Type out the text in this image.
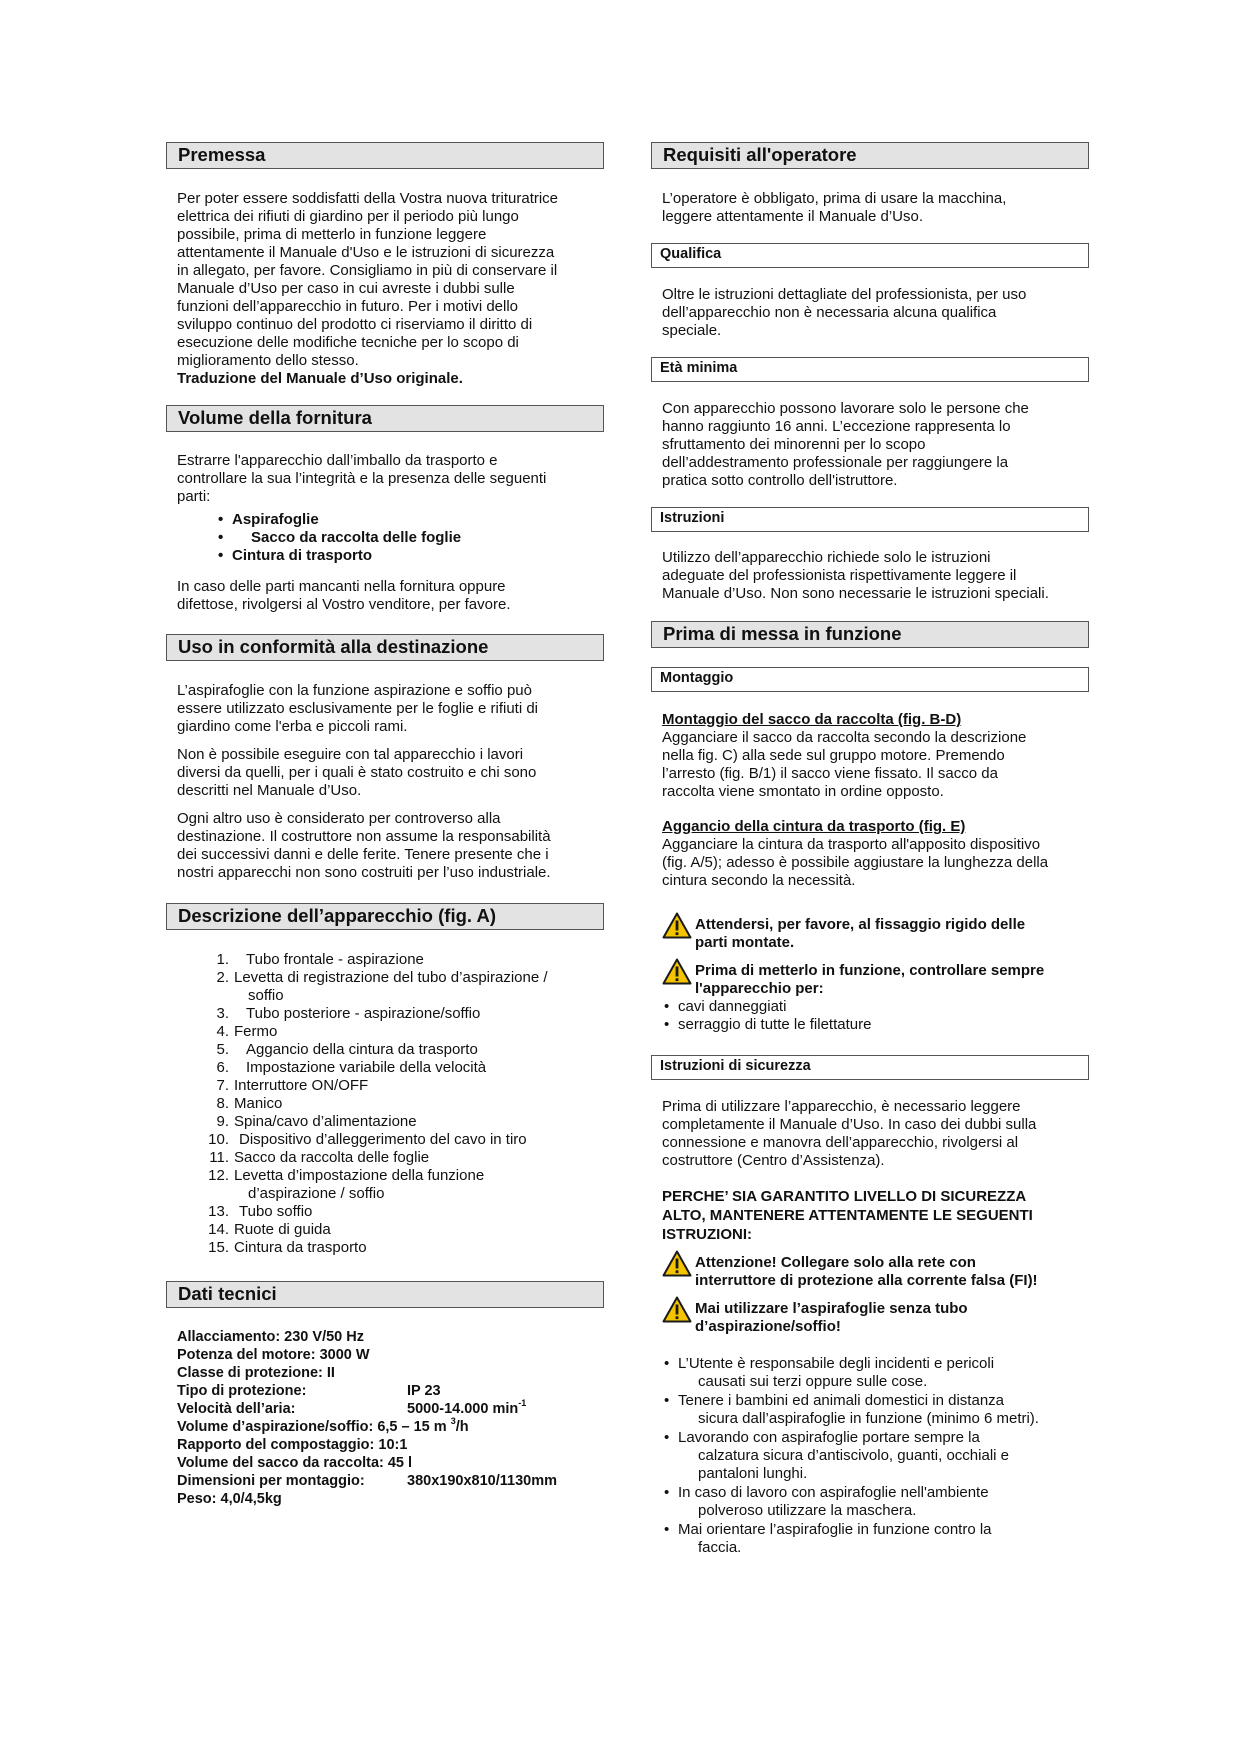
Premessa

Per poter essere soddisfatti della Vostra nuova trituratrice

elettrica dei rifiuti di giardino per il periodo più lungo

possibile, prima di metterlo in funzione leggere

attentamente il Manuale d'Uso e le istruzioni di sicurezza

in allegato, per favore. Consigliamo in più di conservare il

Manuale d’Uso per caso in cui avreste i dubbi sulle

funzioni dell’apparecchio in futuro. Per i motivi dello

sviluppo continuo del prodotto ci riserviamo il diritto di

esecuzione delle modifiche tecniche per lo scopo di

miglioramento dello stesso.

Traduzione del Manuale d’Uso originale.

Volume della fornitura

Estrarre l'apparecchio dall’imballo da trasporto e

controllare la sua l’integrità e la presenza delle seguenti

parti:

• Aspirafoglie
• Sacco da raccolta delle foglie
• Cintura di trasporto

In caso delle parti mancanti nella fornitura oppure

difettose, rivolgersi al Vostro venditore, per favore.

Uso in conformità alla destinazione

L’aspirafoglie con la funzione aspirazione e soffio può

essere utilizzato esclusivamente per le foglie e rifiuti di

giardino come l'erba e piccoli rami.

Non è possibile eseguire con tal apparecchio i lavori

diversi da quelli, per i quali è stato costruito e chi sono

descritti nel Manuale d’Uso.

Ogni altro uso è considerato per controverso alla

destinazione. Il costruttore non assume la responsabilità

dei successivi danni e delle ferite. Tenere presente che i

nostri apparecchi non sono costruiti per l’uso industriale.

Descrizione dell’apparecchio (fig. A)
1.	Tubo frontale - aspirazione
2. Levetta di registrazione del tubo d’aspirazione /
soffio
3.	Tubo posteriore - aspirazione/soffio
4. Fermo
5.	Aggancio della cintura da trasporto
6.	Impostazione variabile della velocità
7. Interruttore ON/OFF
8. Manico
9. Spina/cavo d’alimentazione
10. Dispositivo d’alleggerimento del cavo in tiro
11. Sacco da raccolta delle foglie
12. Levetta d’impostazione della funzione
d’aspirazione / soffio
13. Tubo soffio
14. Ruote di guida
15. Cintura da trasporto
Dati tecnici
Allacciamento: 230 V/50 Hz	
Potenza del motore: 3000 W	
Classe di protezione: II	
Tipo di protezione:	IP 23
Velocità dell’aria:	5000-14.000 $\min^{-1}$
Volume d’aspirazione/soffio: 6,5 – 15 m $^3$/h	
Rapporto del compostaggio: 10:1	
Volume del sacco da raccolta: 45 l	
Dimensioni per montaggio:	380x190x810/1130mm
Peso: 4,0/4,5kg	
Requisiti all'operatore

L’operatore è obbligato, prima di usare la macchina,

leggere attentamente il Manuale d’Uso.

Qualifica

Oltre le istruzioni dettagliate del professionista, per uso

dell’apparecchio non è necessaria alcuna qualifica

speciale.

Età minima

Con apparecchio possono lavorare solo le persone che

hanno raggiunto 16 anni. L’eccezione rappresenta lo

sfruttamento dei minorenni per lo scopo

dell’addestramento professionale per raggiungere la

pratica sotto controllo dell'istruttore.

Istruzioni

Utilizzo dell’apparecchio richiede solo le istruzioni

adeguate del professionista rispettivamente leggere il

Manuale d’Uso. Non sono necessarie le istruzioni speciali.

Prima di messa in funzione
Montaggio

Montaggio del sacco da raccolta (fig. B-D)

Agganciare il sacco da raccolta secondo la descrizione

nella fig. C) alla sede sul gruppo motore. Premendo

l’arresto (fig. B/1) il sacco viene fissato. Il sacco da

raccolta viene smontato in ordine opposto.

Aggancio della cintura da trasporto (fig. E)

Agganciare la cintura da trasporto all'apposito dispositivo

(fig. A/5); adesso è possibile aggiustare la lunghezza della

cintura secondo la necessità.

Attendersi, per favore, al fissaggio rigido delle
parti montate.
Prima di metterlo in funzione, controllare sempre
l'apparecchio per:
• cavi danneggiati
• serraggio di tutte le filettature
Istruzioni di sicurezza

Prima di utilizzare l’apparecchio, è necessario leggere

completamente il Manuale d’Uso. In caso dei dubbi sulla

connessione e manovra dell’apparecchio, rivolgersi al

costruttore (Centro d’Assistenza).

PERCHE’ SIA GARANTITO LIVELLO DI SICUREZZA

ALTO, MANTENERE ATTENTAMENTE LE SEGUENTI

ISTRUZIONI:

Attenzione! Collegare solo alla rete con
interruttore di protezione alla corrente falsa (FI)!
Mai utilizzare l’aspirafoglie senza tubo
d’aspirazione/soffio!
• L’Utente è responsabile degli incidenti e pericoli
causati sui terzi oppure sulle cose.
• Tenere i bambini ed animali domestici in distanza
sicura dall’aspirafoglie in funzione (minimo 6 metri).
• Lavorando con aspirafoglie portare sempre la
calzatura sicura d’antiscivolo, guanti, occhiali e
pantaloni lunghi.
• In caso di lavoro con aspirafoglie nell'ambiente
polveroso utilizzare la maschera.
• Mai orientare l’aspirafoglie in funzione contro la
faccia.
